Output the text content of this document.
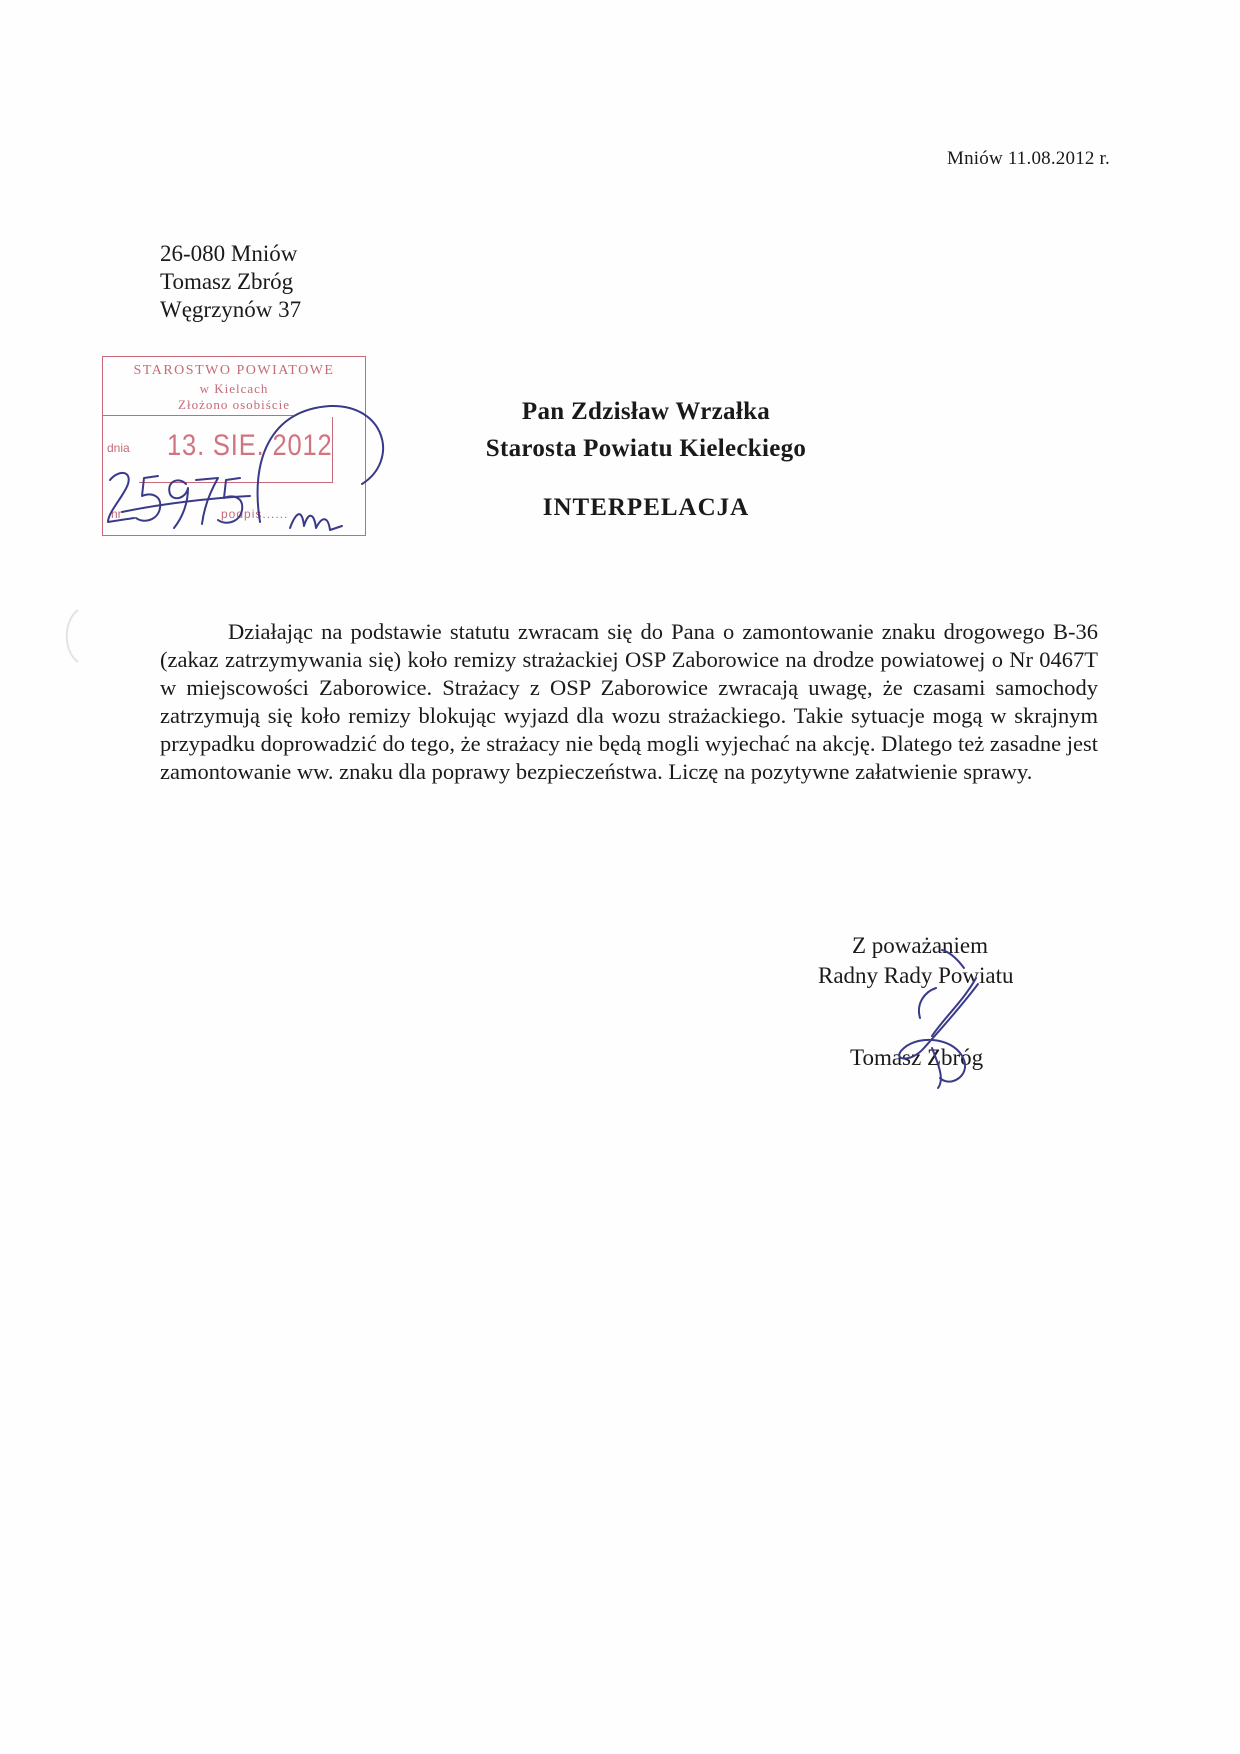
Mniów 11.08.2012 r.
26-080 Mniów
Tomasz Zbróg
Węgrzynów 37
STAROSTWO POWIATOWE
w Kielcach
Złożono osobiście
dnia 13. SIE. 2012
nr	podpis......
Pan Zdzisław Wrzałka
Starosta Powiatu Kieleckiego
INTERPELACJA

Działając na podstawie statutu zwracam się do Pana o zamontowanie znaku drogowego B-36 (zakaz zatrzymywania się) koło remizy strażackiej OSP Zaborowice na drodze powiatowej o Nr 0467T w miejscowości Zaborowice. Strażacy z OSP Zaborowice zwracają uwagę, że czasami samochody zatrzymują się koło remizy blokując wyjazd dla wozu strażackiego. Takie sytuacje mogą w skrajnym przypadku doprowadzić do tego, że strażacy nie będą mogli wyjechać na akcję. Dlatego też zasadne jest zamontowanie ww. znaku dla poprawy bezpieczeństwa. Liczę na pozytywne załatwienie sprawy.

Z poważaniem
Radny Rady Powiatu
Tomasz Zbróg
